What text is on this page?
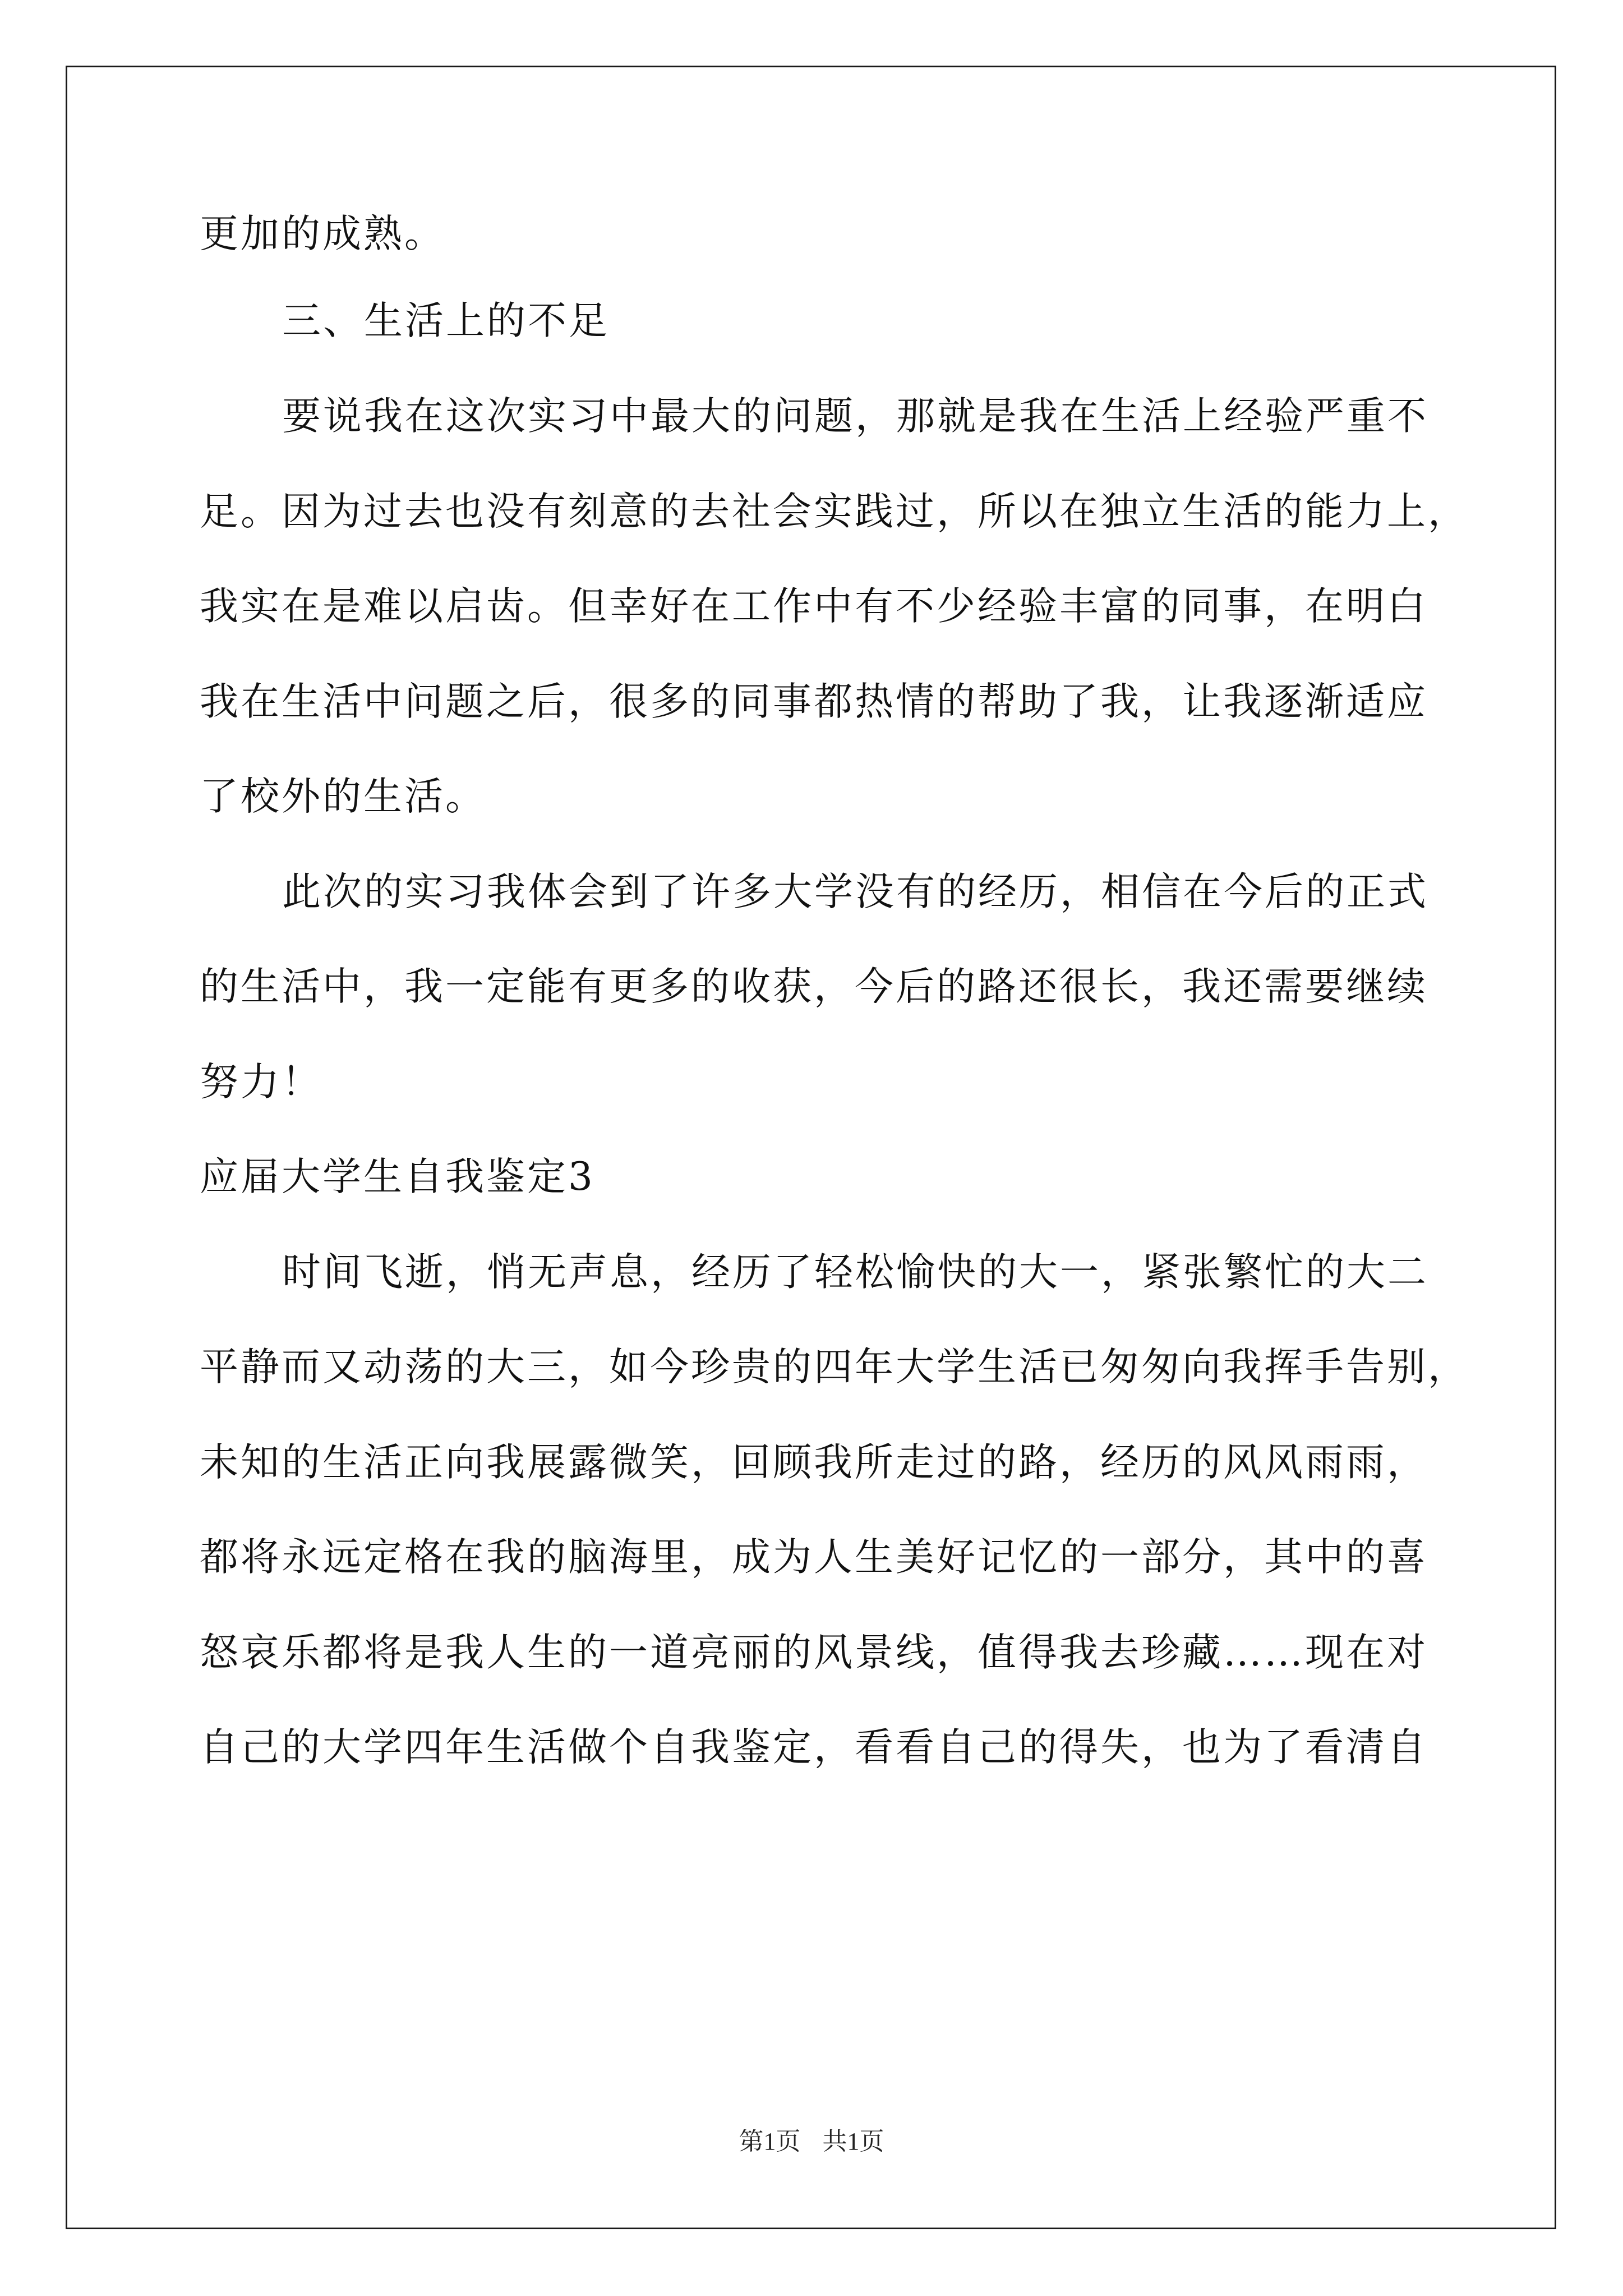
更加的成熟。
三、生活上的不足
要说我在这次实习中最大的问题，那就是我在生活上经验严重不
足。因为过去也没有刻意的去社会实践过，所以在独立生活的能力上，
我实在是难以启齿。但幸好在工作中有不少经验丰富的同事，在明白
我在生活中问题之后，很多的同事都热情的帮助了我，让我逐渐适应
了校外的生活。
此次的实习我体会到了许多大学没有的经历，相信在今后的正式
的生活中，我一定能有更多的收获，今后的路还很长，我还需要继续
努力！
应届大学生自我鉴定3
时间飞逝，悄无声息，经历了轻松愉快的大一，紧张繁忙的大二
平静而又动荡的大三，如今珍贵的四年大学生活已匆匆向我挥手告别，
未知的生活正向我展露微笑，回顾我所走过的路，经历的风风雨雨，
都将永远定格在我的脑海里，成为人生美好记忆的一部分，其中的喜
怒哀乐都将是我人生的一道亮丽的风景线，值得我去珍藏……现在对
自己的大学四年生活做个自我鉴定，看看自己的得失，也为了看清自
第1页 共1页
